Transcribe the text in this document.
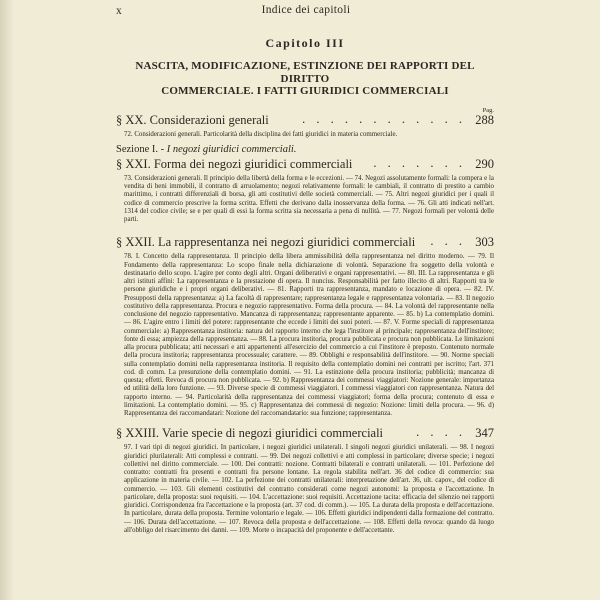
x	Indice dei capitoli
Capitolo III
NASCITA, MODIFICAZIONE, ESTINZIONE DEI RAPPORTI DEL DIRITTO
COMMERCIALE. I FATTI GIURIDICI COMMERCIALI
Pag.
§ XX. Considerazioni generali	. . . . . . . . . . . . 288
72. Considerazioni generali. Particolarità della disciplina dei fatti giuridici in materia commerciale.
Sezione I. - I negozi giuridici commerciali.
§ XXI. Forma dei negozi giuridici commerciali . . . . . . . 290
73. Considerazioni generali. Il principio della libertà della forma e le eccezioni. — 74. Negozi assolutamente formali: la compera e la vendita di beni immobili, il contratto di arruolamento; negozi relativamente formali: le cambiali, il contratto di prestito a cambio marittimo, i contratti differenziali di borsa, gli atti costitutivi delle società commerciali. — 75. Altri negozi giuridici per i quali il codice di commercio prescrive la forma scritta. Effetti che derivano dalla inosservanza della forma. — 76. Gli atti indicati nell'art. 1314 del codice civile; se e per quali di essi la forma scritta sia necessaria a pena di nullità. — 77. Negozi formali per volontà delle parti.
§ XXII. La rappresentanza nei negozi giuridici commerciali . . . 303
78. I. Concetto della rappresentanza. Il principio della libera ammissibilità della rappresentanza nel diritto moderno. — 79. Il Fondamento della rappresentanza: Lo scopo finale nella dichiarazione di volontà. Separazione fra soggetto della volontà e destinatario dello scopo. L'agire per conto degli altri. Organi deliberativi e organi rappresentativi. — 80. III. La rappresentanza e gli altri istituti affini: La rappresentanza e la prestazione di opera. Il nuncius. Responsabilità per fatto illecito di altri. Rapporti tra le persone giuridiche e i propri organi deliberativi. — 81. Rapporti tra rappresentanza, mandato e locazione di opera. — 82. IV. Presupposti della rappresentanza: a) La facoltà di rappresentare; rappresentanza legale e rappresentanza volontaria. — 83. Il negozio costitutivo della rappresentanza. Procura e negozio rappresentativo. Forma della procura. — 84. La volontà del rappresentante nella conclusione del negozio rappresentativo. Mancanza di rappresentanza; rappresentante apparente. — 85. b) La contemplatio domini. — 86. L'agire entro i limiti del potere: rappresentante che eccede i limiti dei suoi poteri. — 87. V. Forme speciali di rappresentanza commerciale: a) Rappresentanza institoria: natura del rapporto interno che lega l'institore al principale; rappresentanza dell'institore; fonte di essa; ampiezza della rappresentanza. — 88. La procura institoria, procura pubblicata e procura non pubblicata. Le limitazioni alla procura pubblicata; atti necessari e atti appartenenti all'esercizio del commercio a cui l'institore è preposto. Contenuto normale della procura institoria; rappresentanza processuale; carattere. — 89. Obblighi e responsabilità dell'institore. — 90. Norme speciali sulla contemplatio domini nella rappresentanza institoria. Il requisito della contemplatio domini nei contratti per iscritto; l'art. 371 cod. di comm. La presunzione della contemplatio domini. — 91. La estinzione della procura institoria; pubblicità; mancanza di questa; effetti. Revoca di procura non pubblicata. — 92. b) Rappresentanza dei commessi viaggiatori: Nozione generale: importanza ed utilità della loro funzione. — 93. Diverse specie di commessi viaggiatori. I commessi viaggiatori con rappresentanza. Natura del rapporto interno. — 94. Particolarità della rappresentanza dei commessi viaggiatori; forma della procura; contenuto di essa e limitazioni. La contemplatio domini. — 95. c) Rappresentanza dei commessi di negozio: Nozione: limiti della procura. — 96. d) Rappresentanza dei raccomandatari: Nozione del raccomandatario: sua funzione; rappresentanza.
§ XXIII. Varie specie di negozi giuridici commerciali	. . . . 347
97. I vari tipi di negozi giuridici. In particolare, i negozi giuridici unilaterali. I singoli negozi giuridici unilaterali. — 98. I negozi giuridici plurilaterali: Atti complessi e contratti. — 99. Dei negozi collettivi e atti complessi in particolare; diverse specie; i negozi collettivi nel diritto commerciale. — 100. Dei contratti: nozione. Contratti bilaterali e contratti unilaterali. — 101. Perfezione del contratto: contratti fra presenti e contratti fra persone lontane. La regola stabilita nell'art. 36 del codice di commercio: sua applicazione in materia civile. — 102. La perfezione dei contratti unilaterali: interpretazione dell'art. 36, ult. capov., del codice di commercio. — 103. Gli elementi costitutivi del contratto considerati come negozi autonomi: la proposta e l'accettazione. In particolare, della proposta: suoi requisiti. — 104. L'accettazione: suoi requisiti. Accettazione tacita: efficacia del silenzio nei rapporti giuridici. Corrispondenza fra l'accettazione e la proposta (art. 37 cod. di comm.). — 105. La durata della proposta e dell'accettazione. In particolare, durata della proposta. Termine volontario e legale. — 106. Effetti giuridici indipendenti dalla formazione del contratto. — 106. Durata dell'accettazione. — 107. Revoca della proposta e dell'accettazione. — 108. Effetti della revoca: quando dà luogo all'obbligo del risarcimento dei danni. — 109. Morte o incapacità del proponente e dell'accettante.
